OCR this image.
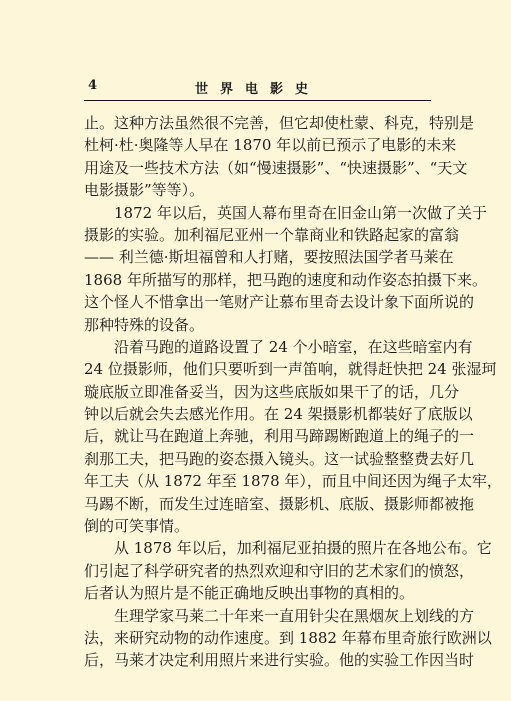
4	世界电影史
止。这种方法虽然很不完善，但它却使杜蒙、科克，特别是
杜柯·杜·奥隆等人早在 1870 年以前已预示了电影的未来
用途及一些技术方法（如“慢速摄影”、“快速摄影”、“天文
电影摄影”等等）。
1872 年以后，英国人幕布里奇在旧金山第一次做了关于
摄影的实验。加利福尼亚州一个靠商业和铁路起家的富翁
—— 利兰德·斯坦福曾和人打赌，要按照法国学者马莱在
1868 年所描写的那样，把马跑的速度和动作姿态拍摄下来。
这个怪人不惜拿出一笔财产让慕布里奇去设计象下面所说的
那种特殊的设备。
沿着马跑的道路设置了 24 个小暗室，在这些暗室内有
24 位摄影师，他们只要听到一声笛响，就得赶快把 24 张湿珂
璇底版立即准备妥当，因为这些底版如果干了的话，几分
钟以后就会失去感光作用。在 24 架摄影机都装好了底版以
后，就让马在跑道上奔驰，利用马蹄踢断跑道上的绳子的一
刹那工夫，把马跑的姿态摄入镜头。这一试验整整费去好几
年工夫（从 1872 年至 1878 年），而且中间还因为绳子太牢，
马踢不断，而发生过连暗室、摄影机、底版、摄影师都被拖
倒的可笑事情。
从 1878 年以后，加利福尼亚拍摄的照片在各地公布。它
们引起了科学研究者的热烈欢迎和守旧的艺术家们的愤怒，
后者认为照片是不能正确地反映出事物的真相的。
生理学家马莱二十年来一直用针尖在黑烟灰上划线的方
法，来研究动物的动作速度。到 1882 年幕布里奇旅行欧洲以
后，马莱才决定利用照片来进行实验。他的实验工作因当时
